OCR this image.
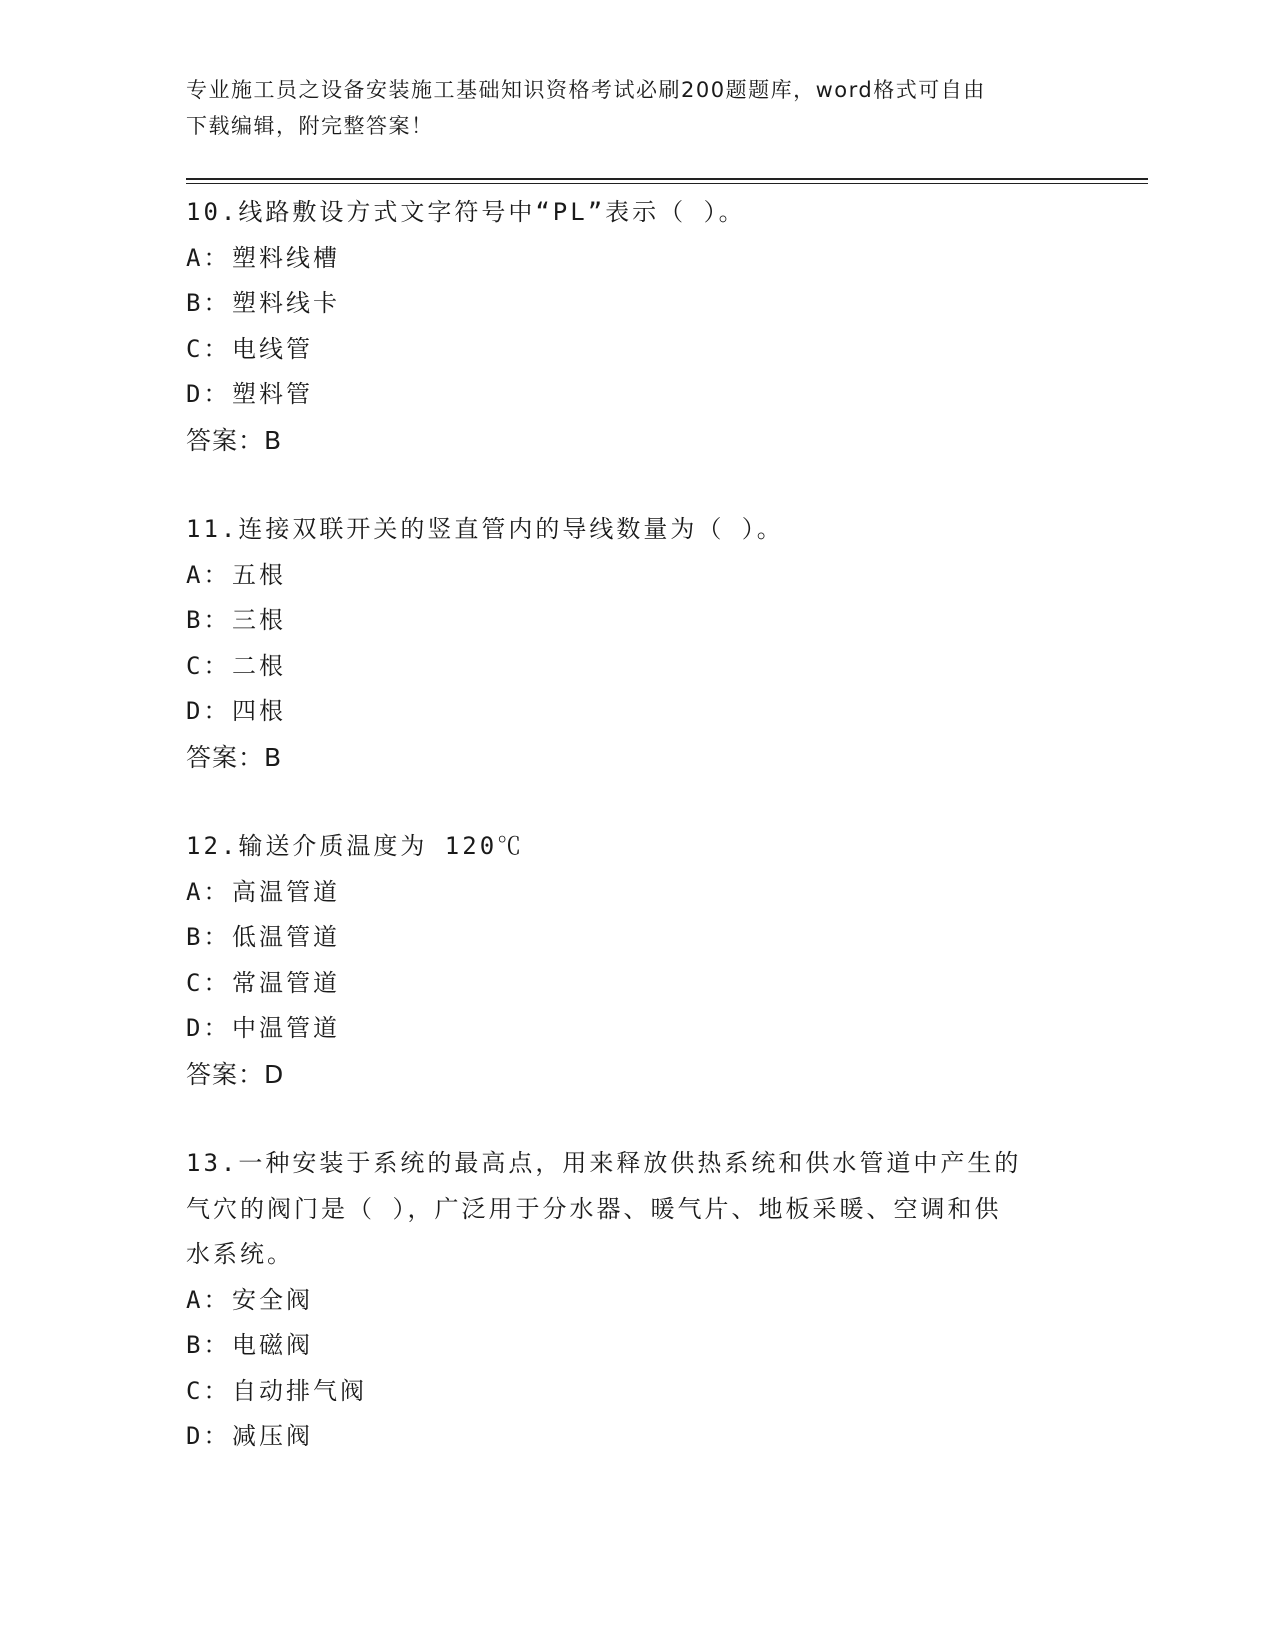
专业施工员之设备安装施工基础知识资格考试必刷200题题库，word格式可自由
下载编辑，附完整答案！
10.线路敷设方式文字符号中“PL”表示（ ）。
A：塑料线槽
B：塑料线卡
C：电线管
D：塑料管
答案：B
11.连接双联开关的竖直管内的导线数量为（ ）。
A：五根
B：三根
C：二根
D：四根
答案：B
12.输送介质温度为 120℃
A：高温管道
B：低温管道
C：常温管道
D：中温管道
答案：D
13.一种安装于系统的最高点，用来释放供热系统和供水管道中产生的
气穴的阀门是（ ），广泛用于分水器、暖气片、地板采暖、空调和供
水系统。
A：安全阀
B：电磁阀
C：自动排气阀
D：减压阀
